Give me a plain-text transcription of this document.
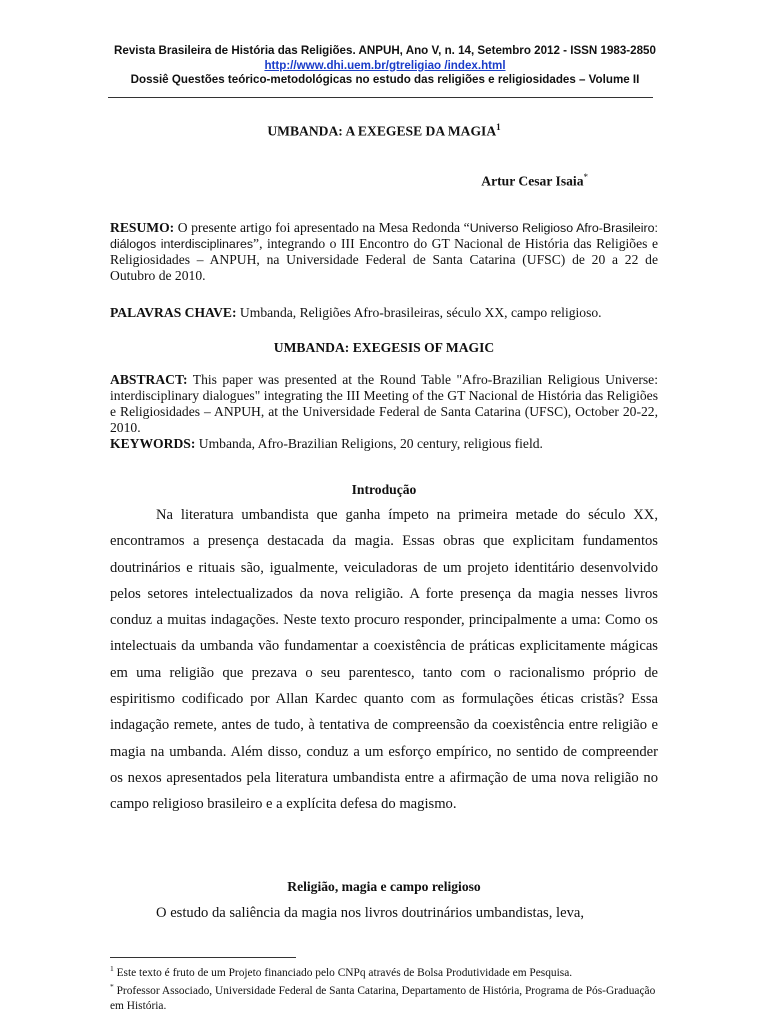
Revista Brasileira de História das Religiões. ANPUH, Ano V, n. 14, Setembro 2012 - ISSN 1983-2850
http://www.dhi.uem.br/gtreligiao /index.html
Dossiê Questões teórico-metodológicas no estudo das religiões e religiosidades – Volume II
UMBANDA: A EXEGESE DA MAGIA$^1$
Artur Cesar Isaia*
RESUMO: O presente artigo foi apresentado na Mesa Redonda “Universo Religioso Afro-Brasileiro: diálogos interdisciplinares”, integrando o III Encontro do GT Nacional de História das Religiões e Religiosidades – ANPUH, na Universidade Federal de Santa Catarina (UFSC) de 20 a 22 de Outubro de 2010.
PALAVRAS CHAVE: Umbanda, Religiões Afro-brasileiras, século XX, campo religioso.
UMBANDA: EXEGESIS OF MAGIC
ABSTRACT: This paper was presented at the Round Table "Afro-Brazilian Religious Universe: interdisciplinary dialogues" integrating the III Meeting of the GT Nacional de História das Religiões e Religiosidades – ANPUH, at the Universidade Federal de Santa Catarina (UFSC), October 20-22, 2010.
KEYWORDS: Umbanda, Afro-Brazilian Religions, 20 century, religious field.
Introdução
Na literatura umbandista que ganha ímpeto na primeira metade do século XX, encontramos a presença destacada da magia. Essas obras que explicitam fundamentos doutrinários e rituais são, igualmente, veiculadoras de um projeto identitário desenvolvido pelos setores intelectualizados da nova religião. A forte presença da magia nesses livros conduz a muitas indagações. Neste texto procuro responder, principalmente a uma: Como os intelectuais da umbanda vão fundamentar a coexistência de práticas explicitamente mágicas em uma religião que prezava o seu parentesco, tanto com o racionalismo próprio de espiritismo codificado por Allan Kardec quanto com as formulações éticas cristãs? Essa indagação remete, antes de tudo, à tentativa de compreensão da coexistência entre religião e magia na umbanda. Além disso, conduz a um esforço empírico, no sentido de compreender os nexos apresentados pela literatura umbandista entre a afirmação de uma nova religião no campo religioso brasileiro e a explícita defesa do magismo.
Religião, magia e campo religioso
O estudo da saliência da magia nos livros doutrinários umbandistas, leva,
$^1$ Este texto é fruto de um Projeto financiado pelo CNPq através de Bolsa Produtividade em Pesquisa.
* Professor Associado, Universidade Federal de Santa Catarina, Departamento de História, Programa de Pós-Graduação em História.
